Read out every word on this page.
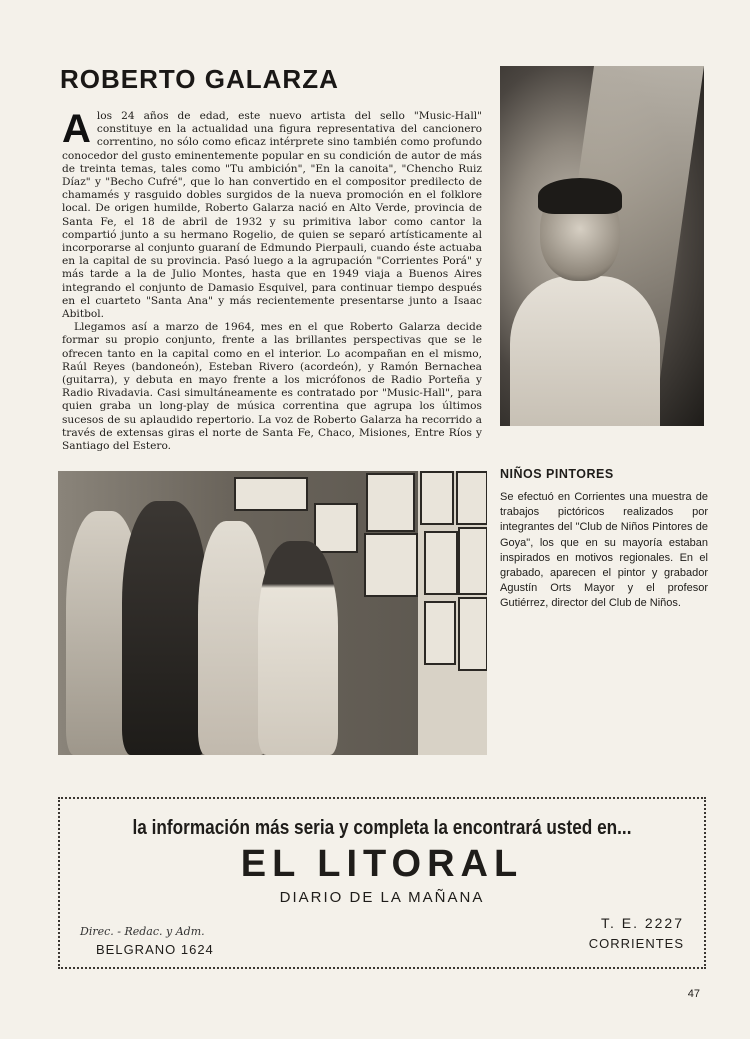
ROBERTO GALARZA

Alos 24 años de edad, este nuevo artista del sello "Music-Hall" constituye en la actualidad una figura representativa del cancionero correntino, no sólo como eficaz intérprete sino también como profundo conocedor del gusto eminentemente popular en su condición de autor de más de treinta temas, tales como "Tu ambición", "En la canoita", "Chencho Ruiz Díaz" y "Becho Cufré", que lo han convertido en el compositor predilecto de chamamés y rasguido dobles surgidos de la nueva promoción en el folklore local. De origen humilde, Roberto Galarza nació en Alto Verde, provincia de Santa Fe, el 18 de abril de 1932 y su primitiva labor como cantor la compartió junto a su hermano Rogelio, de quien se separó artísticamente al incorporarse al conjunto guaraní de Edmundo Pierpauli, cuando éste actuaba en la capital de su provincia. Pasó luego a la agrupación "Corrientes Porá" y más tarde a la de Julio Montes, hasta que en 1949 viaja a Buenos Aires integrando el conjunto de Damasio Esquivel, para continuar tiempo después en el cuarteto "Santa Ana" y más recientemente presentarse junto a Isaac Abitbol.

Llegamos así a marzo de 1964, mes en el que Roberto Galarza decide formar su propio conjunto, frente a las brillantes perspectivas que se le ofrecen tanto en la capital como en el interior. Lo acompañan en el mismo, Raúl Reyes (bandoneón), Esteban Rivero (acordeón), y Ramón Bernachea (guitarra), y debuta en mayo frente a los micrófonos de Radio Porteña y Radio Rivadavia. Casi simultáneamente es contratado por "Music-Hall", para quien graba un long-play de música correntina que agrupa los últimos sucesos de su aplaudido repertorio. La voz de Roberto Galarza ha recorrido a través de extensas giras el norte de Santa Fe, Chaco, Misiones, Entre Ríos y Santiago del Estero.

NIÑOS PINTORES
Se efectuó en Corrientes una muestra de trabajos pictóricos realizados por integrantes del "Club de Niños Pintores de Goya", los que en su mayoría estaban inspirados en motivos regionales. En el grabado, aparecen el pintor y grabador Agustín Orts Mayor y el profesor Gutiérrez, director del Club de Niños.
la información más seria y completa la encontrará usted en...
EL LITORAL
DIARIO DE LA MAÑANA
Direc. - Redac. y Adm.
BELGRANO 1624
T. E. 2227
CORRIENTES
47
